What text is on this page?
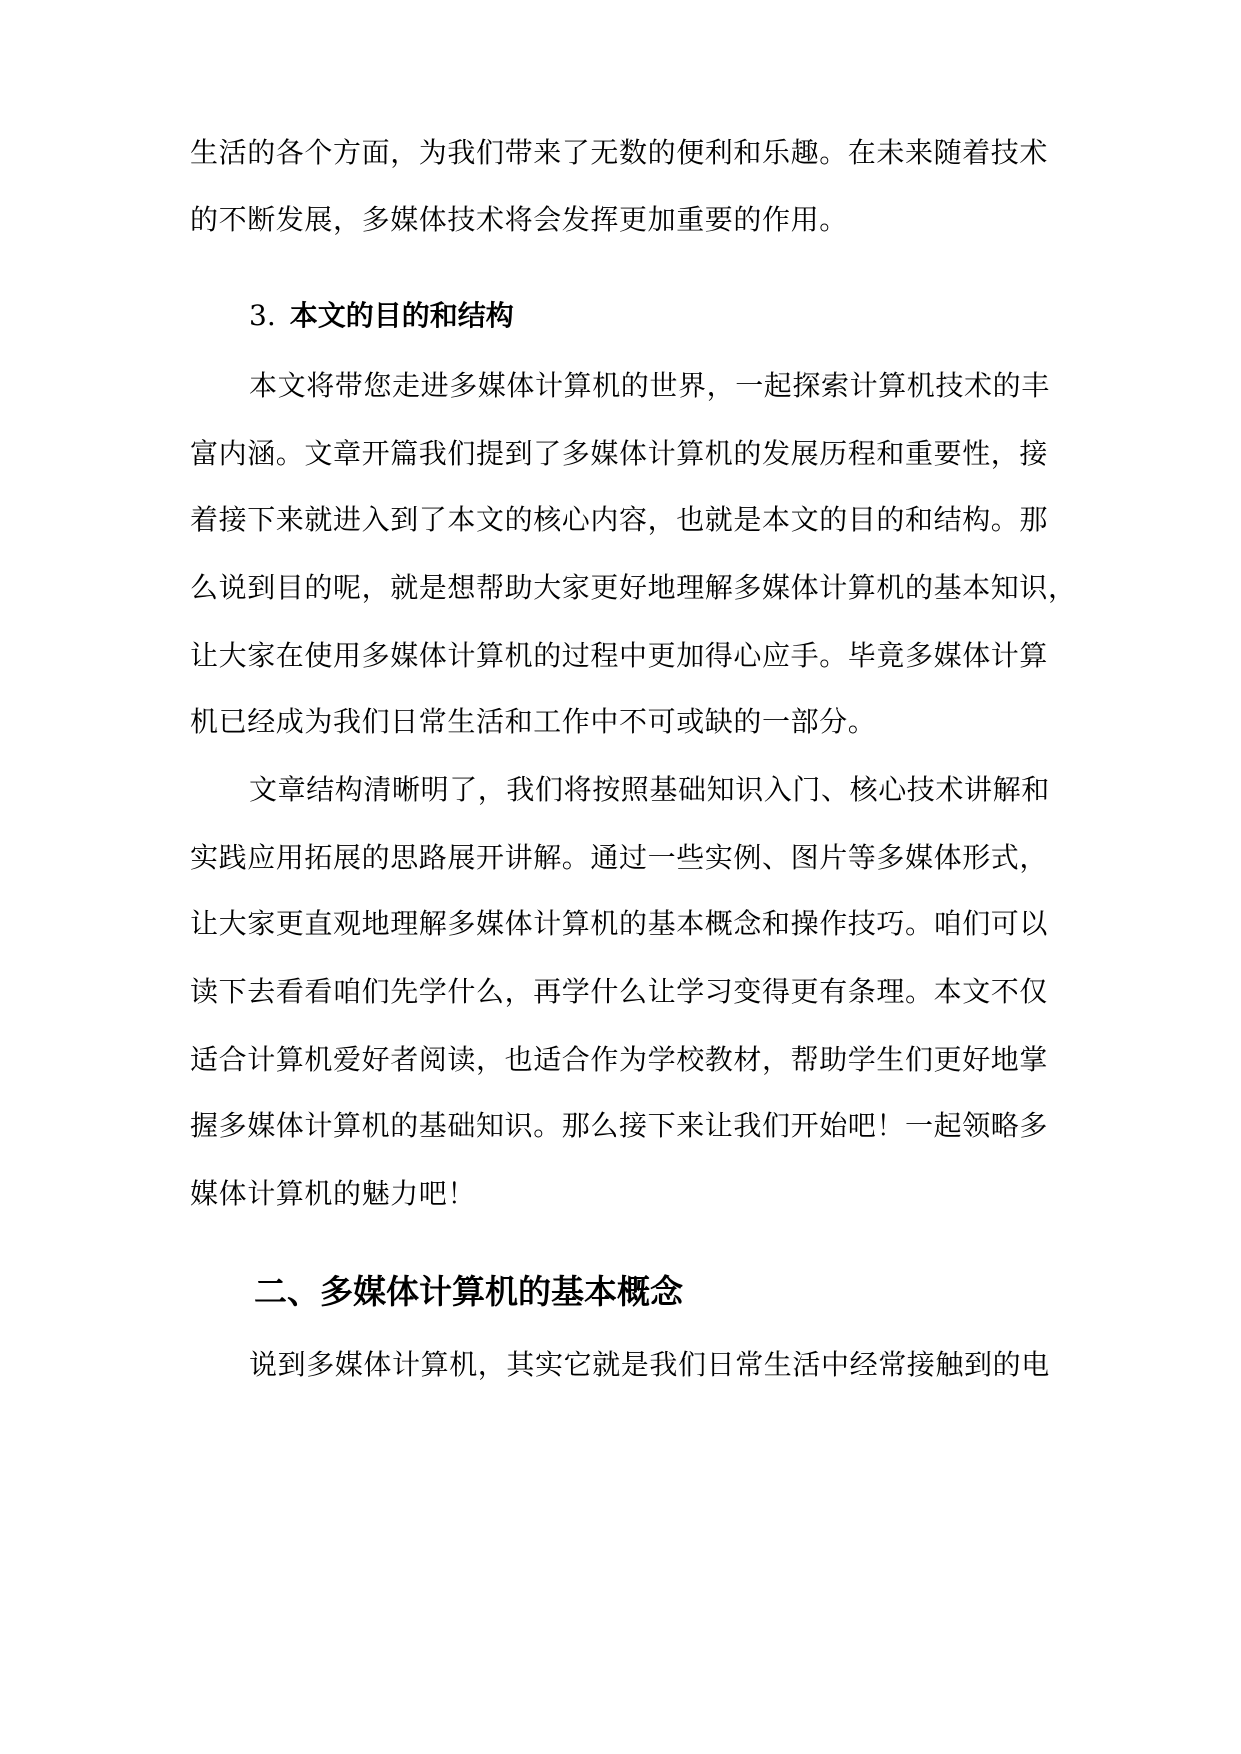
生活的各个方面，为我们带来了无数的便利和乐趣。在未来随着技术
的不断发展，多媒体技术将会发挥更加重要的作用。
3. 本文的目的和结构
本文将带您走进多媒体计算机的世界，一起探索计算机技术的丰
富内涵。文章开篇我们提到了多媒体计算机的发展历程和重要性，接
着接下来就进入到了本文的核心内容，也就是本文的目的和结构。那
么说到目的呢，就是想帮助大家更好地理解多媒体计算机的基本知识，
让大家在使用多媒体计算机的过程中更加得心应手。毕竟多媒体计算
机已经成为我们日常生活和工作中不可或缺的一部分。
文章结构清晰明了，我们将按照基础知识入门、核心技术讲解和
实践应用拓展的思路展开讲解。通过一些实例、图片等多媒体形式，
让大家更直观地理解多媒体计算机的基本概念和操作技巧。咱们可以
读下去看看咱们先学什么，再学什么让学习变得更有条理。本文不仅
适合计算机爱好者阅读，也适合作为学校教材，帮助学生们更好地掌
握多媒体计算机的基础知识。那么接下来让我们开始吧！一起领略多
媒体计算机的魅力吧！
二、多媒体计算机的基本概念
说到多媒体计算机，其实它就是我们日常生活中经常接触到的电
